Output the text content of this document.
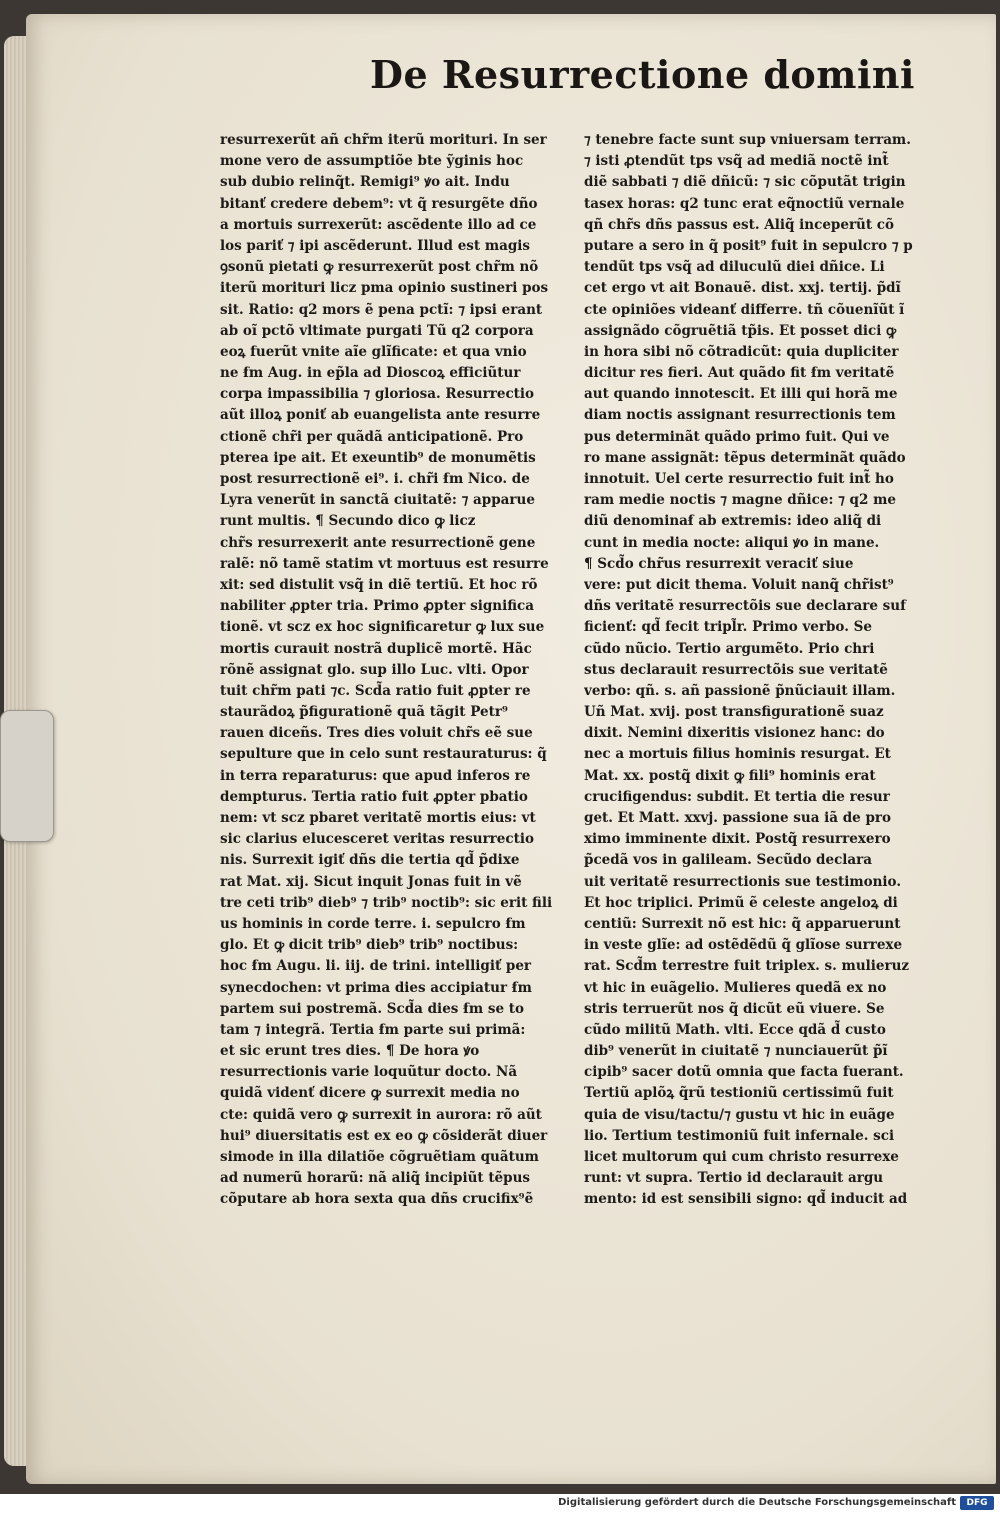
De Resurrectione domini
resurrexerũt añ chr̃m iterũ morituri. In ser
mone vero de assumptiõe bte ỹginis hoc
sub dubio relinq̃t. Remigi⁹ ꝟo ait. Indu
bitanť credere debem⁹: vt q̃ resurgẽte dño
a mortuis surrexerũt: ascẽdente illo ad ce
los pariť ⁊ ipi ascẽderunt. Illud est magis
ꝯsonũ pietati ꝙ resurrexerũt post chr̃m nõ
iterũ morituri licz pma opinio sustineri pos
sit. Ratio: q2 mors ẽ pena pctĩ: ⁊ ipsi erant
ab oĩ pctõ vltimate purgati Tũ q2 corpora
eoꝝ fuerũt vnite aĩe glĩficate: et qua vnio
ne ẜm Aug. in ep̃la ad Dioscoꝝ efficiũtur
corpa impassibilia ⁊ gloriosa. Resurrectio
aũt illoꝝ poniť ab euangelista ante resurre
ctionẽ chr̃i per quãdã anticipationẽ. Pro
pterea ipe ait. Et exeuntib⁹ de monumẽtis
post resurrectionẽ ei⁹. i. chr̃i ẜm Nico. de
Lyra venerũt in sanctã ciuitatẽ: ⁊ apparue
runt multis. ¶ Secundo dico ꝙ licz
chr̃s resurrexerit ante resurrectionẽ gene
ralẽ: nõ tamẽ statim vt mortuus est resurre
xit: sed distulit vsq̃ in diẽ tertiũ. Et hoc rõ
nabiliter ꝓpter tria. Primo ꝓpter significa
tionẽ. vt scz ex hoc significaretur ꝙ lux sue
mortis curauit nostrã duplicẽ mortẽ. Hãc
rõnẽ assignat glo. sup illo Luc. vlti. Opor
tuit chr̃m pati ⁊c. Scd̃a ratio fuit ꝓpter re
staurãdoꝝ p̃figurationẽ quã tãgit Petr⁹
rauen diceñs. Tres dies voluit chr̃s eẽ sue
sepulture que in celo sunt restauraturus: q̃
in terra reparaturus: que apud inferos re
dempturus. Tertia ratio fuit ꝓpter pbatio
nem: vt scz pbaret veritatẽ mortis eius: vt
sic clarius elucesceret veritas resurrectio
nis. Surrexit igiť dñs die tertia qd̃ p̃dixe
rat Mat. xij. Sicut inquit Jonas fuit in vẽ
tre ceti trib⁹ dieb⁹ ⁊ trib⁹ noctib⁹: sic erit fili
us hominis in corde terre. i. sepulcro ẜm
glo. Et ꝙ dicit trib⁹ dieb⁹ trib⁹ noctibus:
hoc ẜm Augu. li. iij. de trini. intelligiť per
synecdochen: vt prima dies accipiatur ẜm
partem sui postremã. Scd̃a dies ẜm se to
tam ⁊ integrã. Tertia ẜm parte sui primã:
et sic erunt tres dies. ¶ De hora ꝟo
resurrectionis varie loquũtur docto. Nã
quidã videnť dicere ꝙ surrexit media no
cte: quidã vero ꝙ surrexit in aurora: rõ aũt
hui⁹ diuersitatis est ex eo ꝙ cõsiderãt diuer
simode in illa dilatiõe cõgruẽtiam quãtum
ad numerũ horarũ: nã aliq̃ incipiũt tẽpus
cõputare ab hora sexta qua dñs crucifix⁹ẽ
⁊ tenebre facte sunt sup vniuersam terram.
⁊ isti ꝓtendũt tps vsq̃ ad mediã noctẽ int̃
diẽ sabbati ⁊ diẽ dñicũ: ⁊ sic cõputãt trigin
tasex horas: q2 tunc erat eq̃noctiũ vernale
qñ chr̃s dñs passus est. Aliq̃ inceperũt cõ
putare a sero in q̃ posit⁹ fuit in sepulcro ⁊ p
tendũt tps vsq̃ ad diluculũ diei dñice. Li
cet ergo vt ait Bonauẽ. dist. xxj. tertij. p̃dĩ
cte opiniões videanť differre. tñ cõuenĩũt ĩ
assignãdo cõgruẽtiã tp̃is. Et posset dici ꝙ
in hora sibi nõ cõtradicũt: quia dupliciter
dicitur res fieri. Aut quãdo fit ẜm veritatẽ
aut quando innotescit. Et illi qui horã me
diam noctis assignant resurrectionis tem
pus determinãt quãdo primo fuit. Qui ve
ro mane assignãt: tẽpus determinãt quãdo
innotuit. Uel certe resurrectio fuit int̃ ho
ram medie noctis ⁊ magne dñice: ⁊ q2 me
diũ denominaẜ ab extremis: ideo aliq̃ di
cunt in media nocte: aliqui ꝟo in mane.
¶ Scd̃o chr̃us resurrexit veraciť siue
vere: put dicit thema. Voluit nanq̃ chr̃ist⁹
dñs veritatẽ resurrectõis sue declarare suf
ficienť: qd̃ fecit tripl̃r. Primo verbo. Se
cũdo nũcio. Tertio argumẽto. Prio chri
stus declarauit resurrectõis sue veritatẽ
verbo: qñ. s. añ passionẽ p̃nũciauit illam.
Uñ Mat. xvij. post transfigurationẽ suaz
dixit. Nemini dixeritis visionez hanc: do
nec a mortuis filius hominis resurgat. Et
Mat. xx. postq̃ dixit ꝙ fili⁹ hominis erat
crucifigendus: subdit. Et tertia die resur
get. Et Matt. xxvj. passione sua iã de pro
ximo imminente dixit. Postq̃ resurrexero
p̃cedã vos in galileam. Secũdo declara
uit veritatẽ resurrectionis sue testimonio.
Et hoc triplici. Primũ ẽ celeste angeloꝝ di
centiũ: Surrexit nõ est hic: q̃ apparuerunt
in veste glĩe: ad ostẽdẽdũ q̃ glĩose surrexe
rat. Scd̃m terrestre fuit triplex. s. mulieruz
vt hic in euãgelio. Mulieres quedã ex no
stris terruerũt nos q̃ dicũt eũ viuere. Se
cũdo militũ Math. vlti. Ecce qdã d̃ custo
dib⁹ venerũt in ciuitatẽ ⁊ nunciauerũt p̃ĩ
cipib⁹ sacer dotũ omnia que facta fuerant.
Tertiũ aplõꝝ q̃rũ testioniũ certissimũ fuit
quia de visu/tactu/⁊ gustu vt hic in euãge
lio. Tertium testimoniũ fuit infernale. sci
licet multorum qui cum christo resurrexe
runt: vt supra. Tertio id declarauit argu
mento: id est sensibili signo: qd̃ inducit ad
Digitalisierung gefördert durch die Deutsche Forschungsgemeinschaft	DFG
